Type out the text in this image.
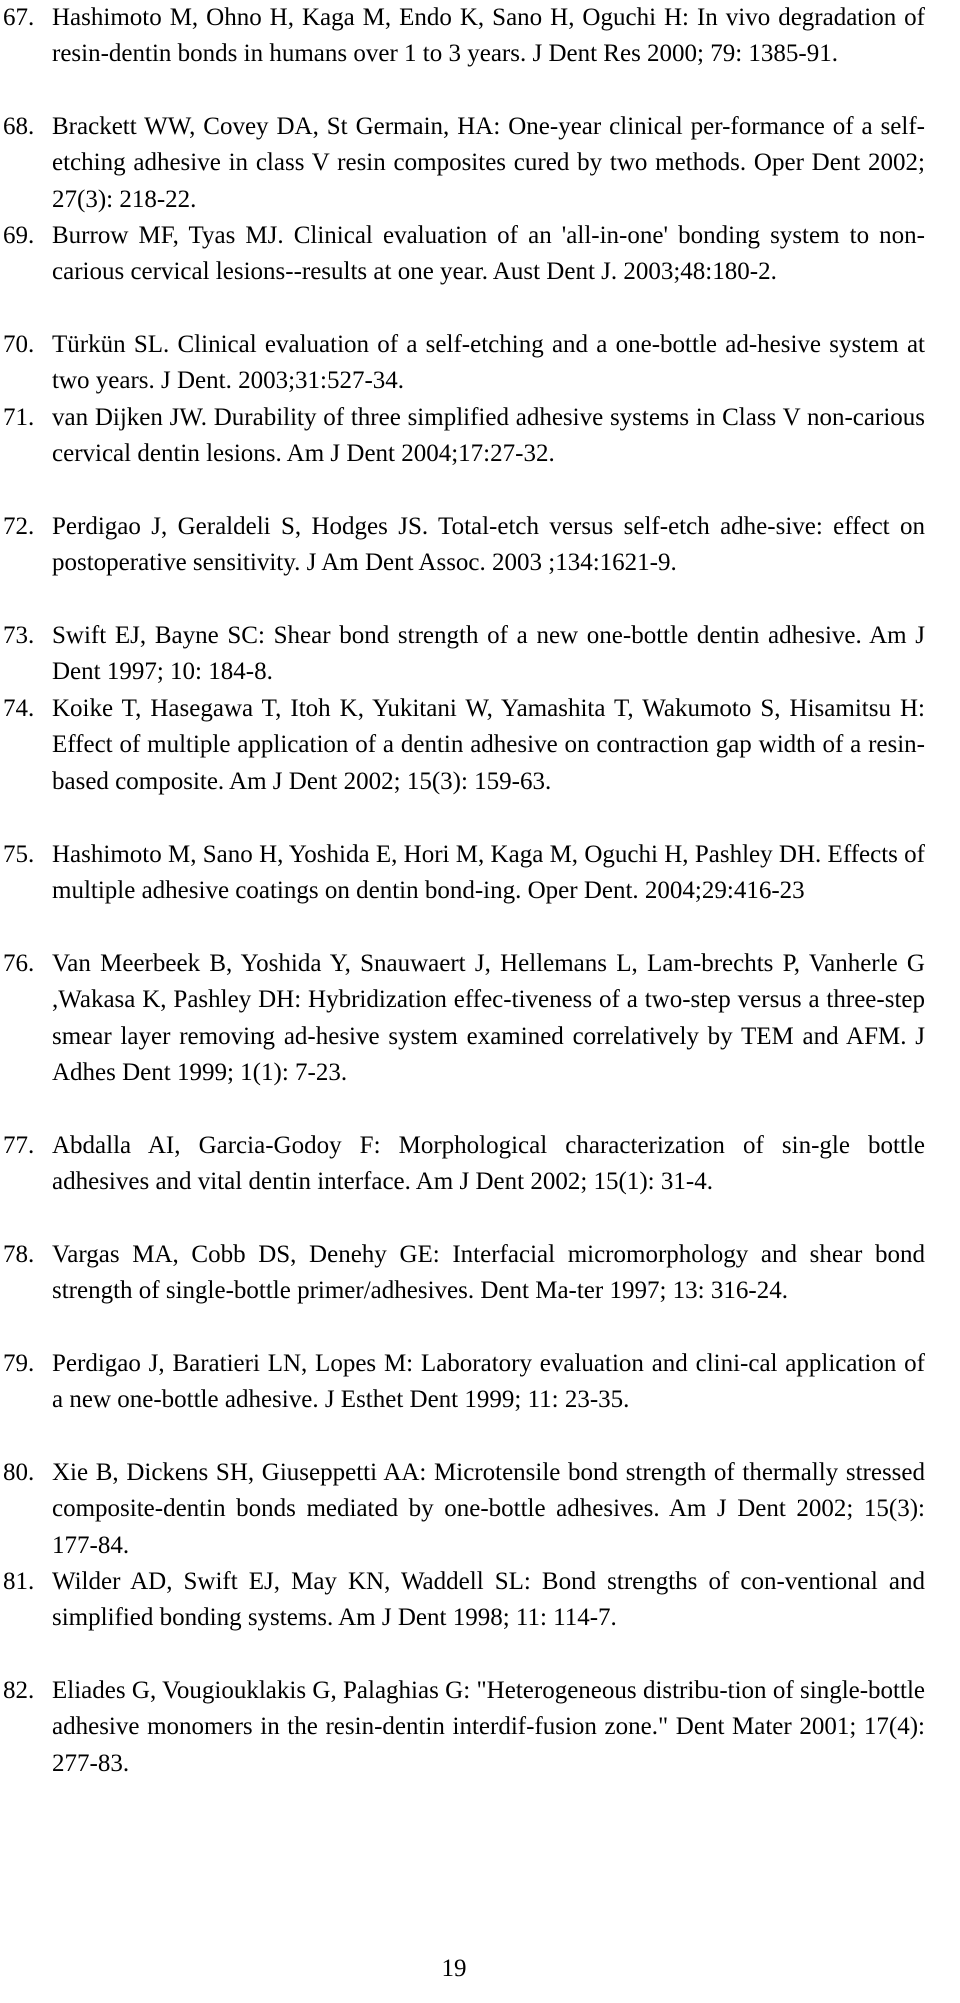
67. Hashimoto M, Ohno H, Kaga M, Endo K, Sano H, Oguchi H: In vivo degradation of resin-dentin bonds in humans over 1 to 3 years. J Dent Res 2000; 79: 1385-91.
68. Brackett WW, Covey DA, St Germain, HA: One-year clinical per-formance of a self-etching adhesive in class V resin composites cured by two methods. Oper Dent 2002; 27(3): 218-22.
69. Burrow MF, Tyas MJ. Clinical evaluation of an 'all-in-one' bonding system to non-carious cervical lesions--results at one year. Aust Dent J. 2003;48:180-2.
70. Türkün SL. Clinical evaluation of a self-etching and a one-bottle ad-hesive system at two years. J Dent. 2003;31:527-34.
71. van Dijken JW. Durability of three simplified adhesive systems in Class V non-carious cervical dentin lesions. Am J Dent 2004;17:27-32.
72. Perdigao J, Geraldeli S, Hodges JS. Total-etch versus self-etch adhe-sive: effect on postoperative sensitivity. J Am Dent Assoc. 2003 ;134:1621-9.
73. Swift EJ, Bayne SC: Shear bond strength of a new one-bottle dentin adhesive. Am J Dent 1997; 10: 184-8.
74. Koike T, Hasegawa T, Itoh K, Yukitani W, Yamashita T, Wakumoto S, Hisamitsu H: Effect of multiple application of a dentin adhesive on contraction gap width of a resin-based composite. Am J Dent 2002; 15(3): 159-63.
75. Hashimoto M, Sano H, Yoshida E, Hori M, Kaga M, Oguchi H, Pashley DH. Effects of multiple adhesive coatings on dentin bond-ing. Oper Dent. 2004;29:416-23
76. Van Meerbeek B, Yoshida Y, Snauwaert J, Hellemans L, Lam-brechts P, Vanherle G ,Wakasa K, Pashley DH: Hybridization effec-tiveness of a two-step versus a three-step smear layer removing ad-hesive system examined correlatively by TEM and AFM. J Adhes Dent 1999; 1(1): 7-23.
77. Abdalla AI, Garcia-Godoy F: Morphological characterization of sin-gle bottle adhesives and vital dentin interface. Am J Dent 2002; 15(1): 31-4.
78. Vargas MA, Cobb DS, Denehy GE: Interfacial micromorphology and shear bond strength of single-bottle primer/adhesives. Dent Ma-ter 1997; 13: 316-24.
79. Perdigao J, Baratieri LN, Lopes M: Laboratory evaluation and clini-cal application of a new one-bottle adhesive. J Esthet Dent 1999; 11: 23-35.
80. Xie B, Dickens SH, Giuseppetti AA: Microtensile bond strength of thermally stressed composite-dentin bonds mediated by one-bottle adhesives. Am J Dent 2002; 15(3): 177-84.
81. Wilder AD, Swift EJ, May KN, Waddell SL: Bond strengths of con-ventional and simplified bonding systems. Am J Dent 1998; 11: 114-7.
82. Eliades G, Vougiouklakis G, Palaghias G: "Heterogeneous distribu-tion of single-bottle adhesive monomers in the resin-dentin interdif-fusion zone." Dent Mater 2001; 17(4): 277-83.
19
